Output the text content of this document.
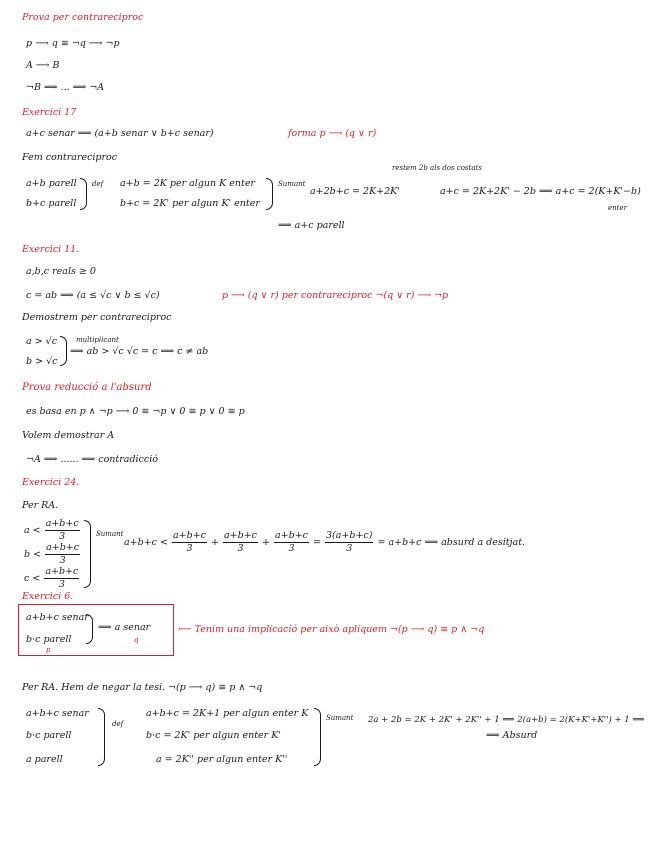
Prova per contrareciproc
p ⟶ q ≡ ¬q ⟶ ¬p
A ⟶ B
¬B ⟹ ... ⟹ ¬A
Exercici 17
a+c senar ⟹ (a+b senar ∨ b+c senar)	forma p ⟶ (q ∨ r)
Fem contrareciproc
a+b parell
b+c parell
def a+b = 2K per algun K enter
b+c = 2K' per algun K' enter
Sumant
a+2b+c = 2K+2K'
restem 2b als dos costats
a+c = 2K+2K' − 2b ⟹ a+c = 2(K+K'−b)
enter
⟹ a+c parell
Exercici 11.
a,b,c reals ≥ 0
c = ab ⟹ (a ≤ √c ∨ b ≤ √c)	p ⟶ (q ∨ r) per contrareciproc ¬(q ∨ r) ⟶ ¬p
Demostrem per contrareciproc
a > √c
b > √c
multiplicant
⟹ ab > √c √c = c ⟹ c ≠ ab
Prova reducció a l'absurd
es basa en p ∧ ¬p ⟶ 0 ≡ ¬p ∨ 0 ≡ p ∨ 0 ≡ p
Volem demostrar A
¬A ⟹ ...... ⟹ contradicció
Exercici 24.
Per RA.
$a < \frac{a+b+c}{3}$
$b < \frac{a+b+c}{3}$
$c < \frac{a+b+c}{3}$
Sumant
$a+b+c < \frac{a+b+c}{3} + \frac{a+b+c}{3} + \frac{a+b+c}{3} = \frac{3(a+b+c)}{3} = a+b+c$ ⟹ absurd a desitjat.
Exercici 6.
a+b+c senar
b·c parell
p
⟹ a senar
q
⟵ Tenim una implicació per això apliquem ¬(p ⟶ q) ≡ p ∧ ¬q
Per RA. Hem de negar la tesi. ¬(p ⟶ q) ≡ p ∧ ¬q
a+b+c senar
b·c parell
a parell
def
a+b+c = 2K+1 per algun enter K
b·c = 2K' per algun enter K'
a = 2K'' per algun enter K''
Sumant 2a + 2b = 2K + 2K' + 2K'' + 1 ⟹ 2(a+b) = 2(K+K'+K'') + 1 ⟹
⟹ Absurd
